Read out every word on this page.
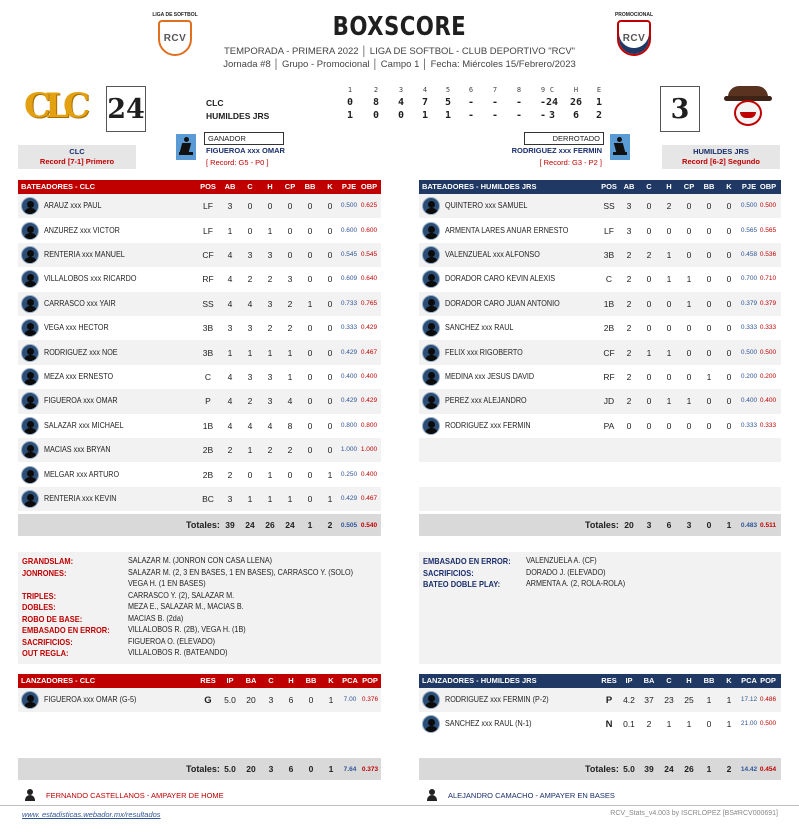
LIGA DE SOFTBOL
RCV
PROMOCIONAL
RCV
BOXSCORE
TEMPORADA - PRIMERA 2022 │ LIGA DE SOFTBOL - CLUB DEPORTIVO "RCV"
Jornada #8 │ Grupo - Promocional │ Campo 1 │ Fecha: Miércoles 15/Febrero/2023
CLC 24	3
1	2	3	4	5	6	7	8	9 C	H	E
CLC	0 8 4 7 5 - - - - 24 26	1
HUMILDES JRS	1 0 0 1 1 - - - - 3	6	2
GANADOR
FIGUEROA xxx OMAR
[ Record: G5 - P0 ]
DERROTADO
RODRIGUEZ xxx FERMIN
[ Record: G3 - P2 ]
CLC
Record [7-1] Primero
HUMILDES JRS
Record [6-2] Segundo
BATEADORES - CLC	POS	AB	C	H	CP	BB	K	PJE OBP
ARAUZ xxx PAUL	LF	3	0	0	0	0	0	0.500 0.625
ANZUREZ xxx VICTOR	LF	1	0	1	0	0	0	0.600 0.600
RENTERIA xxx MANUEL	CF	4	3	3	0	0	0	0.545 0.545
VILLALOBOS xxx RICARDO	RF	4	2	2	3	0	0	0.609 0.640
CARRASCO xxx YAIR	SS	4	4	3	2	1	0	0.733 0.765
VEGA xxx HECTOR	3B	3	3	2	2	0	0	0.333 0.429
RODRIGUEZ xxx NOE	3B	1	1	1	1	0	0	0.429 0.467
MEZA xxx ERNESTO	C	4	3	3	1	0	0	0.400 0.400
FIGUEROA xxx OMAR	P	4	2	3	4	0	0	0.429 0.429
SALAZAR xxx MICHAEL	1B	4	4	4	8	0	0	0.800 0.800
MACIAS xxx BRYAN	2B	2	1	2	2	0	0	1.000 1.000
MELGAR xxx ARTURO	2B	2	0	1	0	0	1	0.250 0.400
RENTERIA xxx KEVIN	BC	3	1	1	1	0	1	0.429 0.467
Totales: 39	24	26	24	1	2	0.505 0.540
BATEADORES - HUMILDES JRS	POS AB	C	H	CP	BB	K	PJE OBP
QUINTERO xxx SAMUEL	SS	3	0	2	0	0	0	0.500 0.500
ARMENTA LARES ANUAR ERNESTO	LF	3	0	0	0	0	0	0.565 0.565
VALENZUEAL xxx ALFONSO	3B	2	2	1	0	0	0	0.458 0.536
DORADOR CARO KEVIN ALEXIS	C	2	0	1	1	0	0	0.700 0.710
DORADOR CARO JUAN ANTONIO	1B	2	0	0	1	0	0	0.379 0.379
SANCHEZ xxx RAUL	2B	2	0	0	0	0	0	0.333 0.333
FELIX xxx RIGOBERTO	CF	2	1	1	0	0	0	0.500 0.500
MEDINA xxx JESUS DAVID	RF	2	0	0	0	1	0	0.200 0.200
PEREZ xxx ALEJANDRO	JD	2	0	1	1	0	0	0.400 0.400
RODRIGUEZ xxx FERMIN	PA	0	0	0	0	0	0	0.333 0.333
Totales: 20	3	6	3	0	1	0.483 0.511
GRANDSLAM:	SALAZAR M. (JONRON CON CASA LLENA)
JONRONES:	SALAZAR M. (2, 3 EN BASES, 1 EN BASES), CARRASCO Y. (SOLO)
VEGA H. (1 EN BASES)
TRIPLES:	CARRASCO Y. (2), SALAZAR M.
DOBLES:	MEZA E., SALAZAR M., MACIAS B.
ROBO DE BASE:	MACIAS B. (2da)
EMBASADO EN ERROR: VILLALOBOS R. (2B), VEGA H. (1B)
SACRIFICIOS:	FIGUEROA O. (ELEVADO)
OUT REGLA:	VILLALOBOS R. (BATEANDO)
EMBASADO EN ERROR: VALENZUELA A. (CF)
SACRIFICIOS:	DORADO J. (ELEVADO)
BATEO DOBLE PLAY:	ARMENTA A. (2, ROLA-ROLA)
LANZADORES - CLC	RES	IP	BA	C	H	BB	K	PCA POP
FIGUEROA xxx OMAR (G-5)	G	5.0	20	3	6	0	1	7.00 0.376
Totales: 5.0	20	3	6	0	1	7.64 0.373
LANZADORES - HUMILDES JRS	RES	IP	BA	C	H	BB	K	PCA POP
RODRIGUEZ xxx FERMIN (P-2)	P	4.2	37	23	25	1	1	17.12 0.486
SANCHEZ xxx RAUL (N-1)	N	0.1	2	1	1	0	1	21.00 0.500
Totales: 5.0	39	24	26	1	2	14.42 0.454
FERNANDO CASTELLANOS - AMPAYER DE HOME	ALEJANDRO CAMACHO - AMPAYER EN BASES
www. estadisticas.webador.mx/resultados	RCV_Stats_v4.003 by ISCRLOPEZ [BS#RCV000691]
